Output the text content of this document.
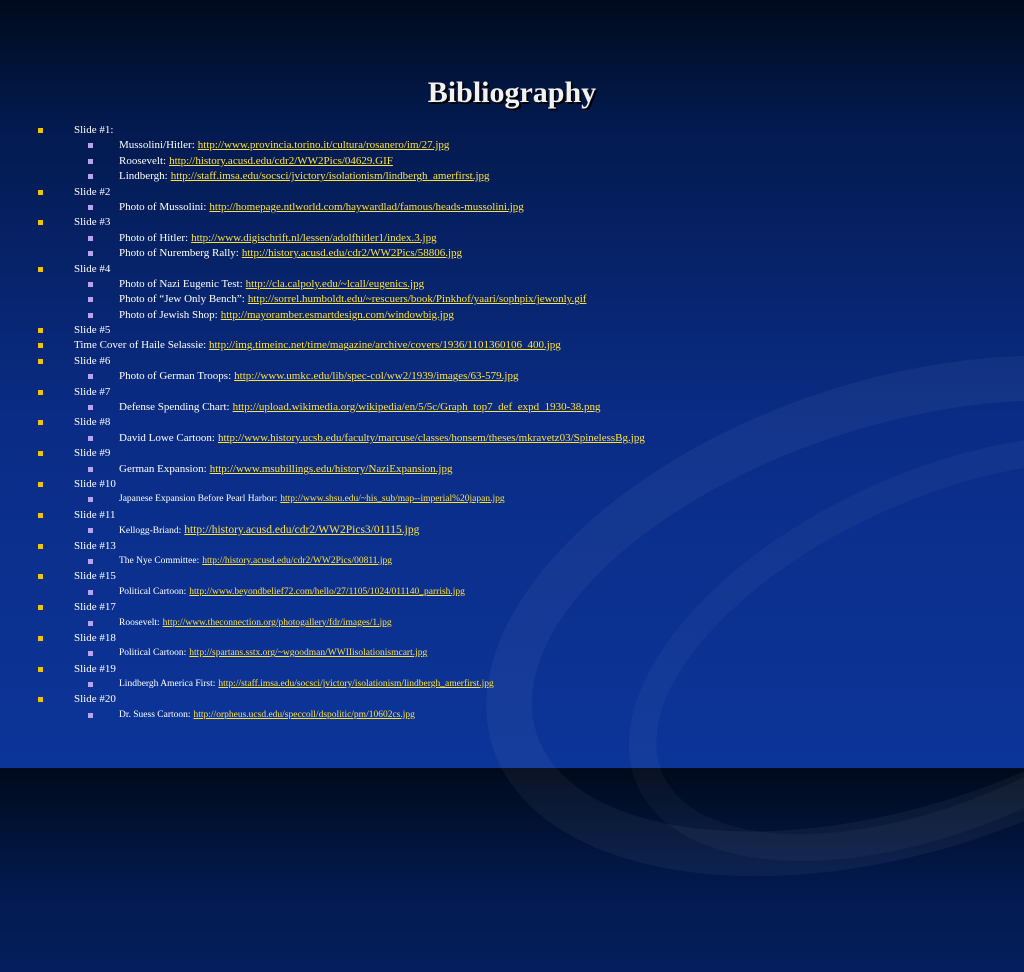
Bibliography
Slide #1:
Mussolini/Hitler: http://www.provincia.torino.it/cultura/rosanero/im/27.jpg
Roosevelt: http://history.acusd.edu/cdr2/WW2Pics/04629.GIF
Lindbergh: http://staff.imsa.edu/socsci/jvictory/isolationism/lindbergh_amerfirst.jpg
Slide #2
Photo of Mussolini: http://homepage.ntlworld.com/haywardlad/famous/heads-mussolini.jpg
Slide #3
Photo of Hitler: http://www.digischrift.nl/lessen/adolfhitler1/index.3.jpg
Photo of Nuremberg Rally: http://history.acusd.edu/cdr2/WW2Pics/58806.jpg
Slide #4
Photo of Nazi Eugenic Test: http://cla.calpoly.edu/~lcall/eugenics.jpg
Photo of “Jew Only Bench”: http://sorrel.humboldt.edu/~rescuers/book/Pinkhof/yaari/sophpix/jewonly.gif
Photo of Jewish Shop: http://mayoramber.esmartdesign.com/windowbig.jpg
Slide #5
Time Cover of Haile Selassie: http://img.timeinc.net/time/magazine/archive/covers/1936/1101360106_400.jpg
Slide #6
Photo of German Troops: http://www.umkc.edu/lib/spec-col/ww2/1939/images/63-579.jpg
Slide #7
Defense Spending Chart: http://upload.wikimedia.org/wikipedia/en/5/5c/Graph_top7_def_expd_1930-38.png
Slide #8
David Lowe Cartoon: http://www.history.ucsb.edu/faculty/marcuse/classes/honsem/theses/mkravetz03/SpinelessBg.jpg
Slide #9
German Expansion: http://www.msubillings.edu/history/NaziExpansion.jpg
Slide #10
Japanese Expansion Before Pearl Harbor: http://www.shsu.edu/~his_sub/map--imperial%20japan.jpg
Slide #11
Kellogg-Briand: http://history.acusd.edu/cdr2/WW2Pics3/01115.jpg
Slide #13
The Nye Committee: http://history.acusd.edu/cdr2/WW2Pics/00811.jpg
Slide #15
Political Cartoon: http://www.beyondbelief72.com/hello/27/1105/1024/011140_parrish.jpg
Slide #17
Roosevelt: http://www.theconnection.org/photogallery/fdr/images/1.jpg
Slide #18
Political Cartoon: http://spartans.sstx.org/~wgoodman/WWIIisolationismcart.jpg
Slide #19
Lindbergh America First: http://staff.imsa.edu/socsci/jvictory/isolationism/lindbergh_amerfirst.jpg
Slide #20
Dr. Suess Cartoon: http://orpheus.ucsd.edu/speccoll/dspolitic/pm/10602cs.jpg
